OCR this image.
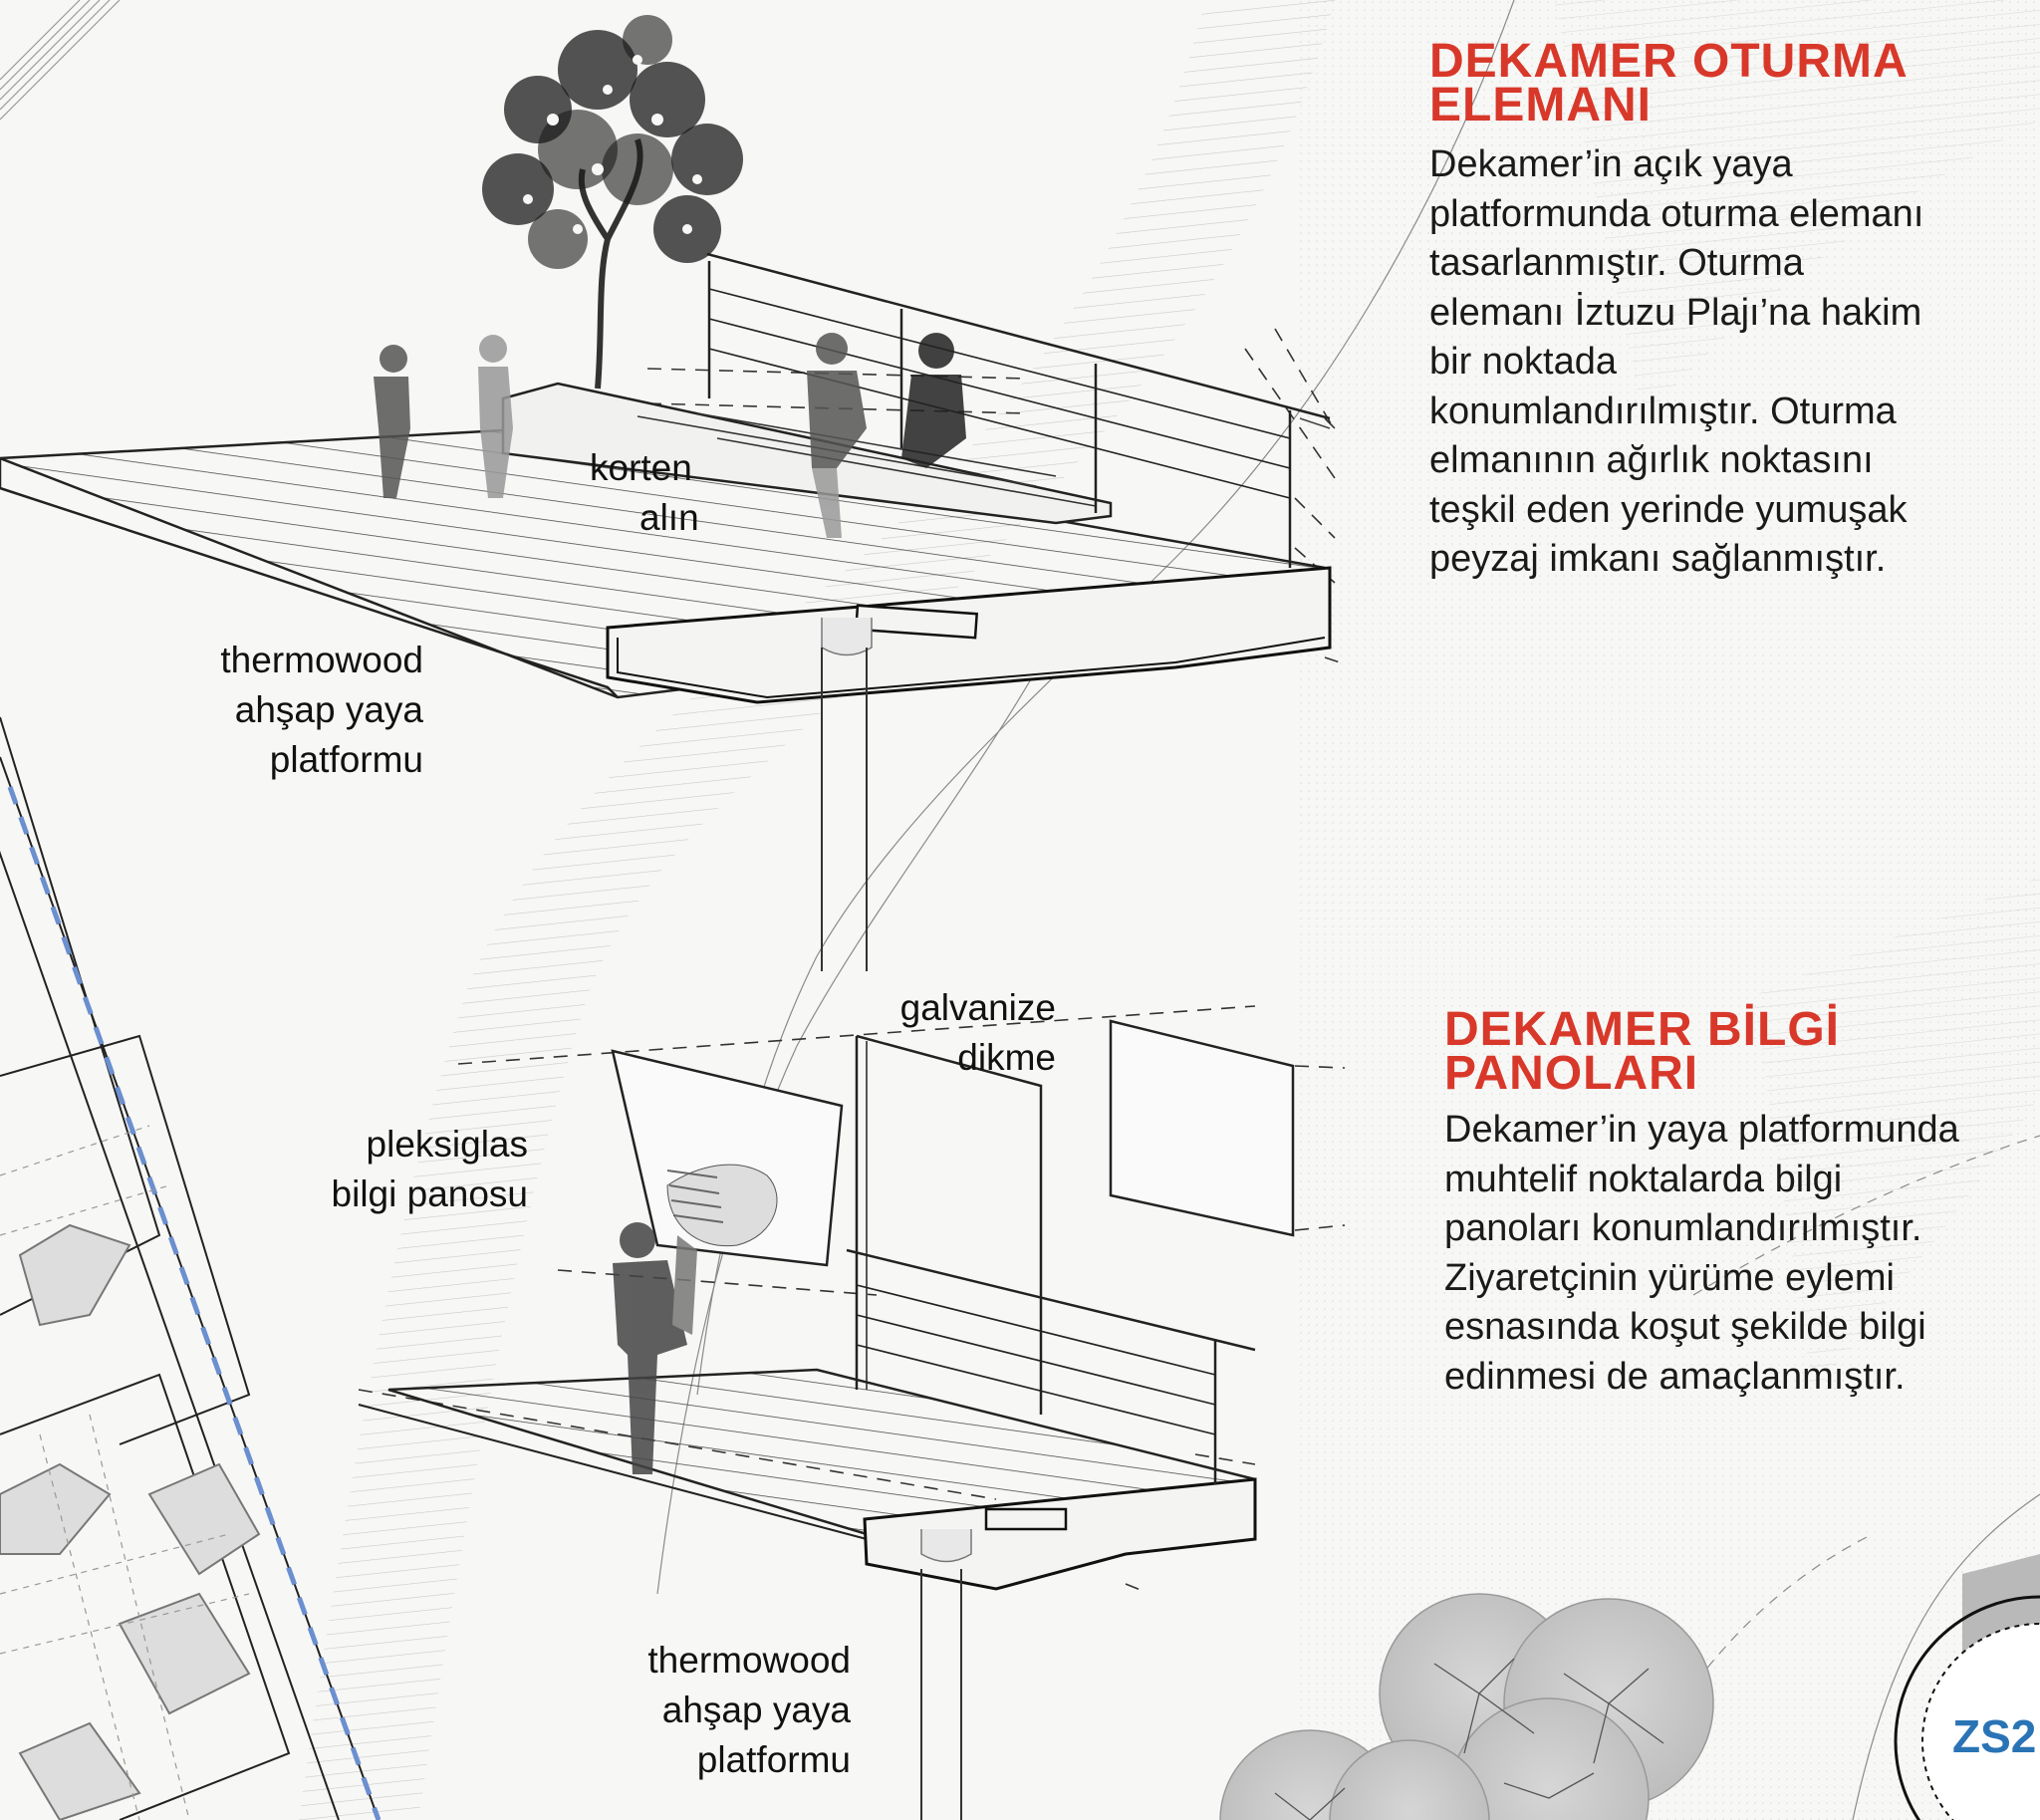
korten
alın
thermowood
ahşap yaya
platformu
galvanize
dikme
pleksiglas
bilgi panosu
thermowood
ahşap yaya
platformu
DEKAMER OTURMA
ELEMANI
Dekamer’in açık yaya
platformunda oturma elemanı
tasarlanmıştır. Oturma
elemanı İztuzu Plajı’na hakim
bir noktada
konumlandırılmıştır. Oturma
elmanının ağırlık noktasını
teşkil eden yerinde yumuşak
peyzaj imkanı sağlanmıştır.
DEKAMER BİLGİ
PANOLARI
Dekamer’in yaya platformunda
muhtelif noktalarda bilgi
panoları konumlandırılmıştır.
Ziyaretçinin yürüme eylemi
esnasında koşut şekilde bilgi
edinmesi de amaçlanmıştır.
ZS2
